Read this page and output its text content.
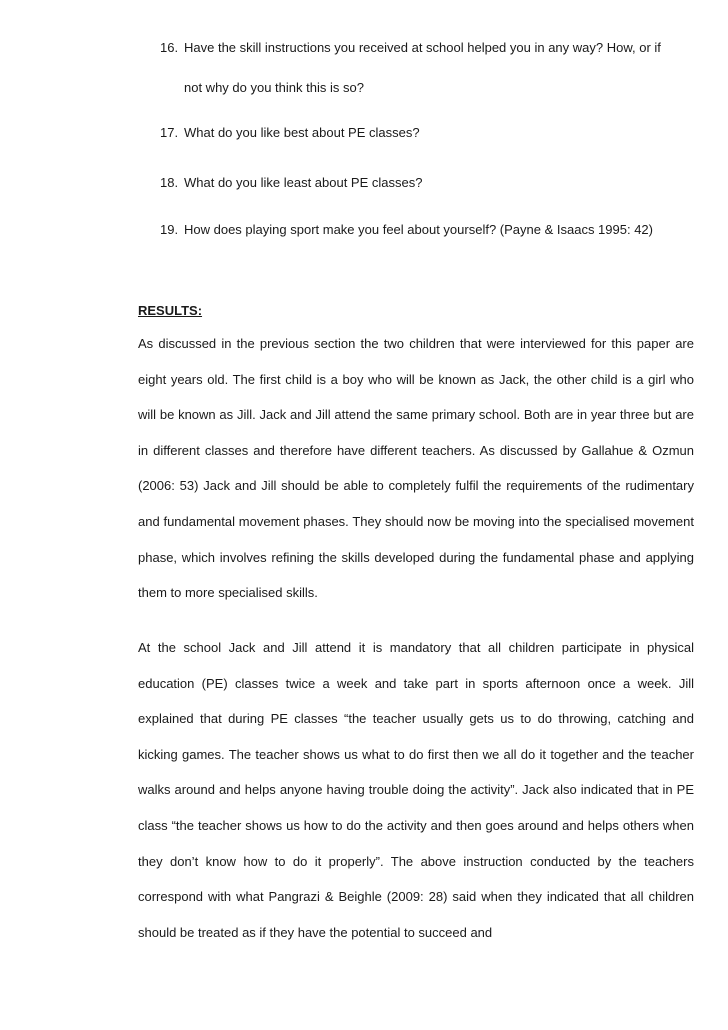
16. Have the skill instructions you received at school helped you in any way? How, or if
not why do you think this is so?
17. What do you like best about PE classes?
18. What do you like least about PE classes?
19. How does playing sport make you feel about yourself? (Payne & Isaacs 1995: 42)
RESULTS:

As discussed in the previous section the two children that were interviewed for this paper are eight years old. The first child is a boy who will be known as Jack, the other child is a girl who will be known as Jill. Jack and Jill attend the same primary school. Both are in year three but are in different classes and therefore have different teachers. As discussed by Gallahue & Ozmun (2006: 53) Jack and Jill should be able to completely fulfil the requirements of the rudimentary and fundamental movement phases. They should now be moving into the specialised movement phase, which involves refining the skills developed during the fundamental phase and applying them to more specialised skills.

At the school Jack and Jill attend it is mandatory that all children participate in physical education (PE) classes twice a week and take part in sports afternoon once a week. Jill explained that during PE classes “the teacher usually gets us to do throwing, catching and kicking games. The teacher shows us what to do first then we all do it together and the teacher walks around and helps anyone having trouble doing the activity”. Jack also indicated that in PE class “the teacher shows us how to do the activity and then goes around and helps others when they don’t know how to do it properly”. The above instruction conducted by the teachers correspond with what Pangrazi & Beighle (2009: 28) said when they indicated that all children should be treated as if they have the potential to succeed and
